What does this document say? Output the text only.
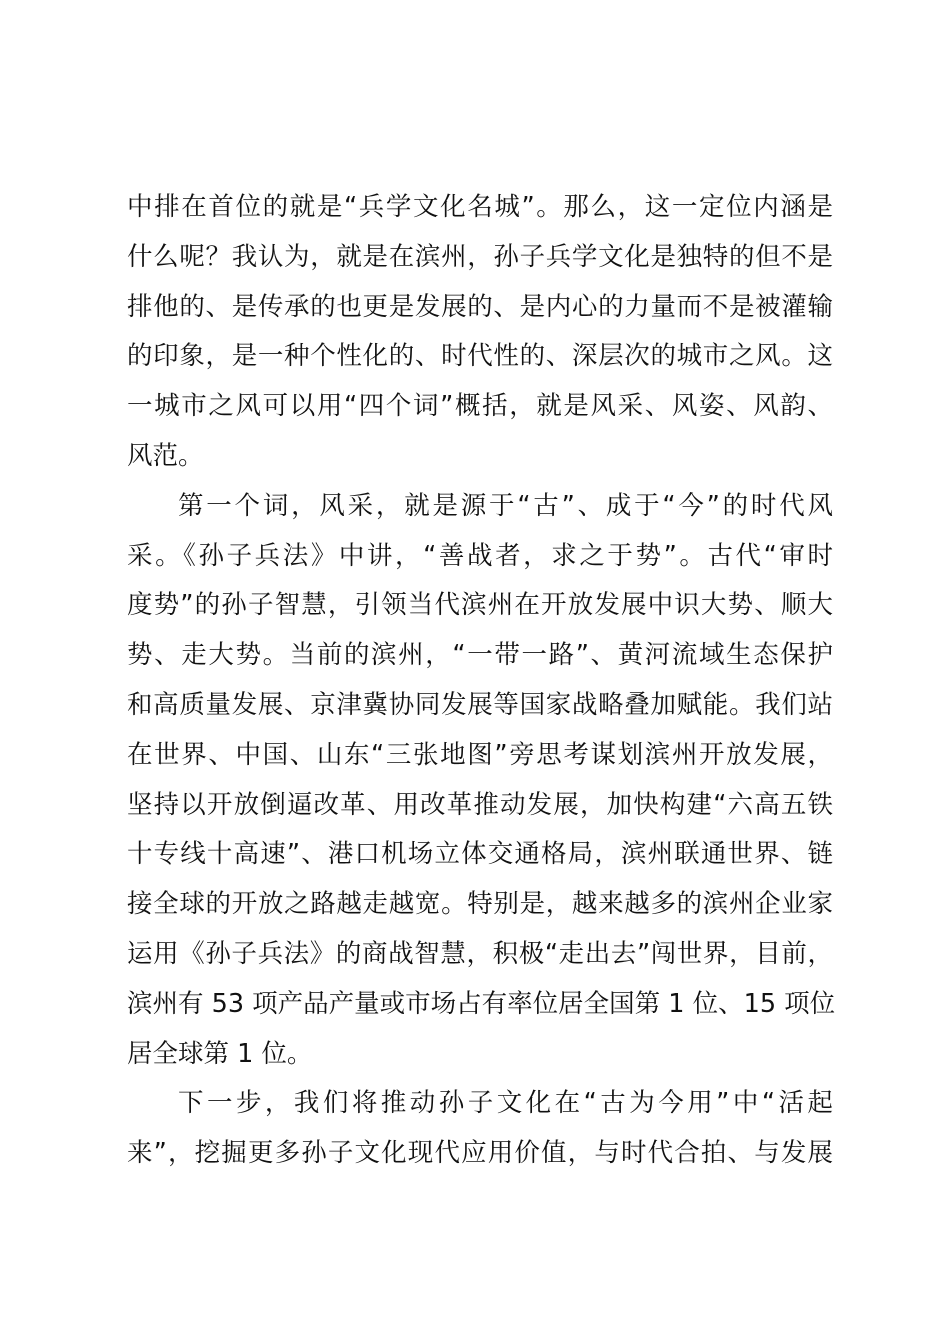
中排在首位的就是“兵学文化名城”。那么，这一定位内涵是
什么呢？我认为，就是在滨州，孙子兵学文化是独特的但不是
排他的、是传承的也更是发展的、是内心的力量而不是被灌输
的印象，是一种个性化的、时代性的、深层次的城市之风。这
一城市之风可以用“四个词”概括，就是风采、风姿、风韵、
风范。
第一个词，风采，就是源于“古”、成于“今”的时代风
采。《孙子兵法》中讲，“善战者，求之于势”。古代“审时
度势”的孙子智慧，引领当代滨州在开放发展中识大势、顺大
势、走大势。当前的滨州，“一带一路”、黄河流域生态保护
和高质量发展、京津冀协同发展等国家战略叠加赋能。我们站
在世界、中国、山东“三张地图”旁思考谋划滨州开放发展，
坚持以开放倒逼改革、用改革推动发展，加快构建“六高五铁
十专线十高速”、港口机场立体交通格局，滨州联通世界、链
接全球的开放之路越走越宽。特别是，越来越多的滨州企业家
运用《孙子兵法》的商战智慧，积极“走出去”闯世界，目前，
滨州有 53 项产品产量或市场占有率位居全国第 1 位、15 项位
居全球第 1 位。
下一步，我们将推动孙子文化在“古为今用”中“活起
来”，挖掘更多孙子文化现代应用价值，与时代合拍、与发展
